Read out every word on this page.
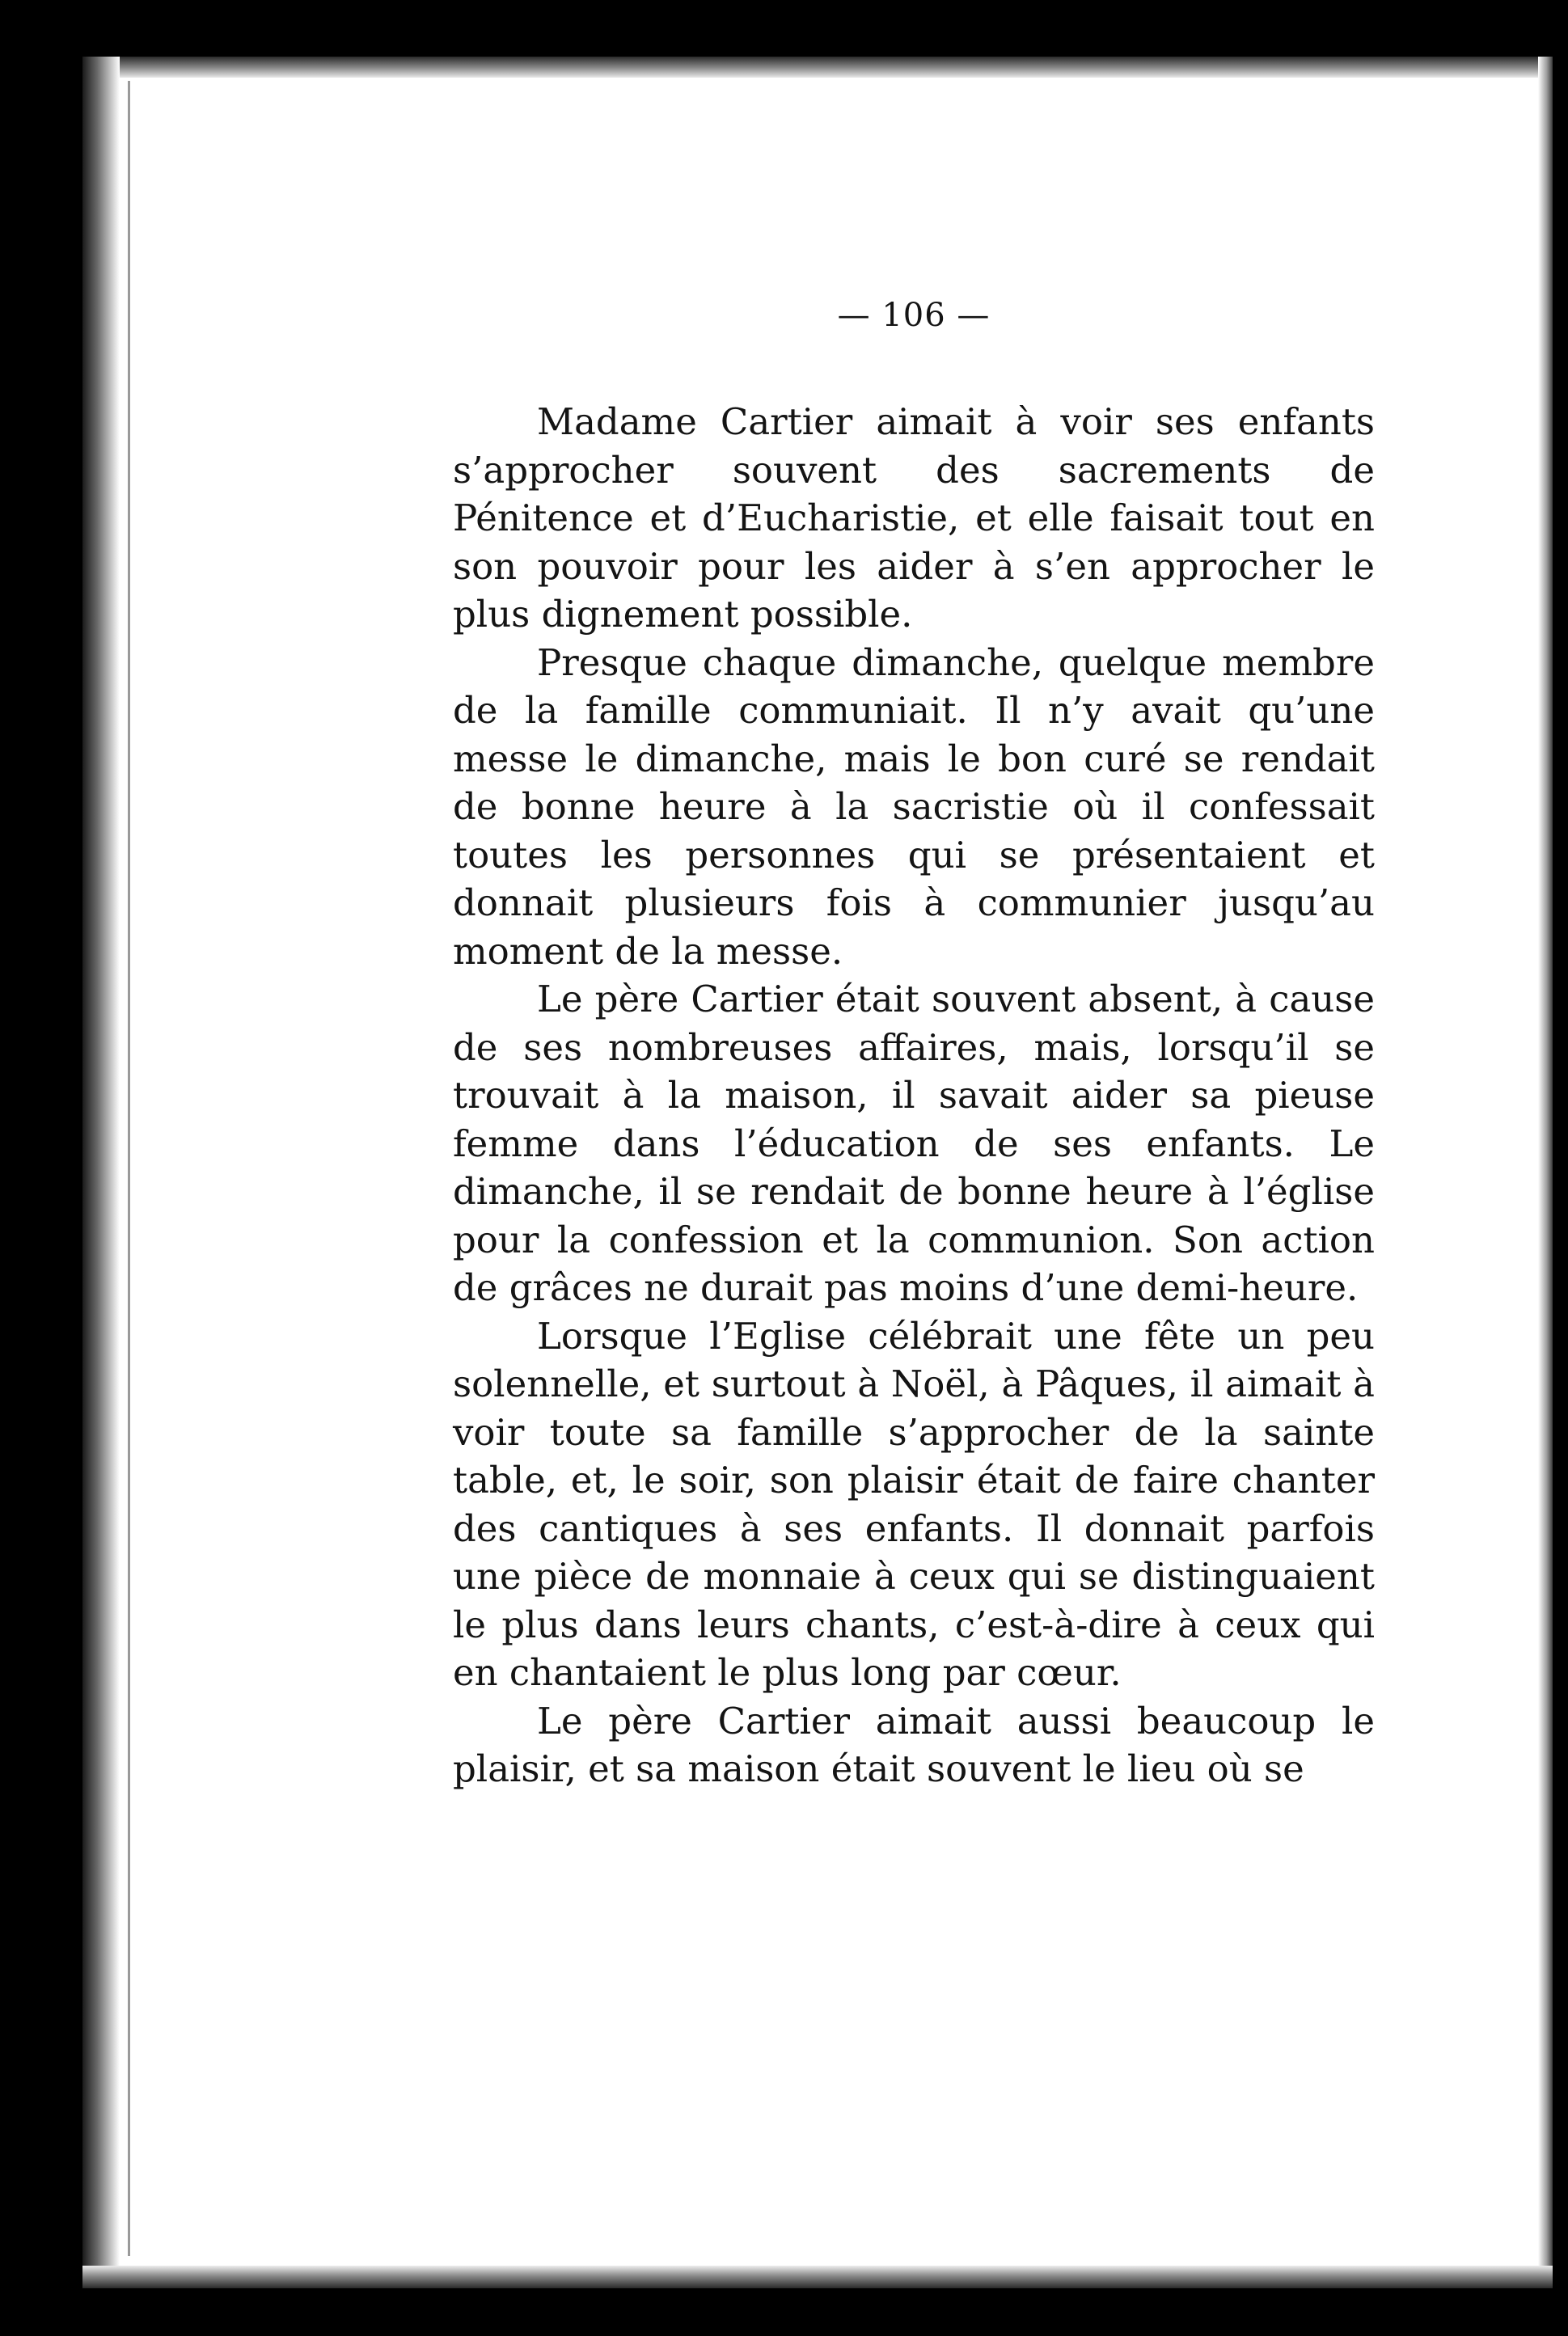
— 106 —

Madame Cartier aimait à voir ses enfants s’approcher souvent des sacrements de Pénitence et d’Eucharistie, et elle faisait tout en son pouvoir pour les aider à s’en approcher le plus dignement possible.

Presque chaque dimanche, quelque membre de la famille communiait. Il n’y avait qu’une messe le dimanche, mais le bon curé se rendait de bonne heure à la sacristie où il confessait toutes les personnes qui se présentaient et donnait plusieurs fois à communier jusqu’au moment de la messe.

Le père Cartier était souvent absent, à cause de ses nombreuses affaires, mais, lorsqu’il se trouvait à la maison, il savait aider sa pieuse femme dans l’éducation de ses enfants. Le dimanche, il se rendait de bonne heure à l’église pour la confession et la communion. Son action de grâces ne durait pas moins d’une demi-heure.

Lorsque l’Eglise célébrait une fête un peu solennelle, et surtout à Noël, à Pâques, il aimait à voir toute sa famille s’approcher de la sainte table, et, le soir, son plaisir était de faire chanter des cantiques à ses enfants. Il donnait parfois une pièce de monnaie à ceux qui se distinguaient le plus dans leurs chants, c’est-à-dire à ceux qui en chantaient le plus long par cœur.

Le père Cartier aimait aussi beaucoup le plaisir, et sa maison était souvent le lieu où se
